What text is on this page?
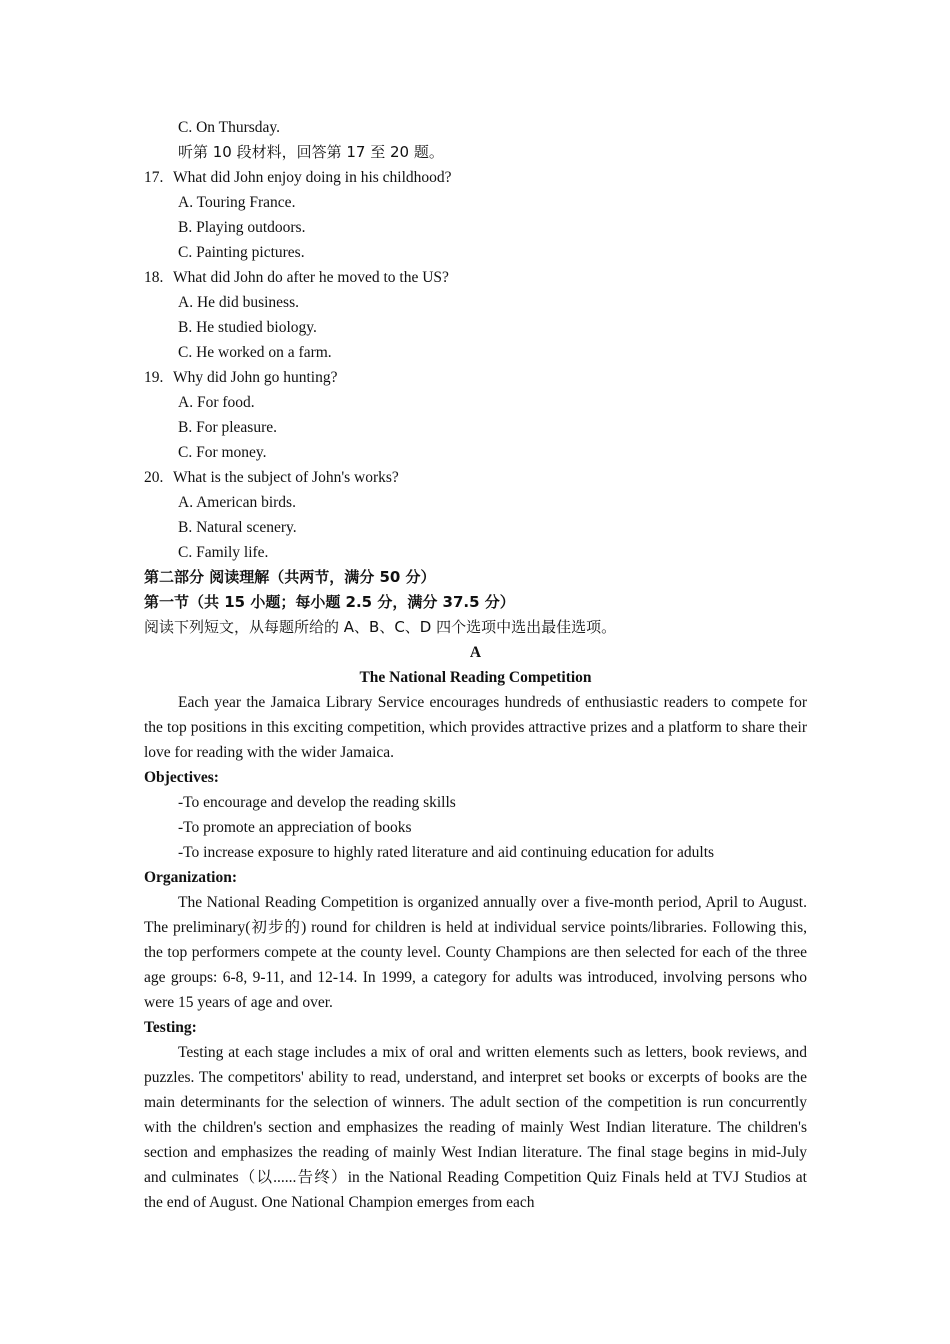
C. On Thursday.
听第 10 段材料，回答第 17 至 20 题。
17. What did John enjoy doing in his childhood?
A. Touring France.
B. Playing outdoors.
C. Painting pictures.
18. What did John do after he moved to the US?
A. He did business.
B. He studied biology.
C. He worked on a farm.
19. Why did John go hunting?
A. For food.
B. For pleasure.
C. For money.
20. What is the subject of John's works?
A. American birds.
B. Natural scenery.
C. Family life.
第二部分 阅读理解（共两节，满分 50 分）
第一节（共 15 小题；每小题 2.5 分，满分 37.5 分）
阅读下列短文，从每题所给的 A、B、C、D 四个选项中选出最佳选项。
A
The National Reading Competition
Each year the Jamaica Library Service encourages hundreds of enthusiastic readers to compete for the top positions in this exciting competition, which provides attractive prizes and a platform to share their love for reading with the wider Jamaica.
Objectives:
-To encourage and develop the reading skills
-To promote an appreciation of books
-To increase exposure to highly rated literature and aid continuing education for adults
Organization:
The National Reading Competition is organized annually over a five-month period, April to August. The preliminary(初步的) round for children is held at individual service points/libraries. Following this, the top performers compete at the county level. County Champions are then selected for each of the three age groups: 6-8, 9-11, and 12-14. In 1999, a category for adults was introduced, involving persons who were 15 years of age and over.
Testing:
Testing at each stage includes a mix of oral and written elements such as letters, book reviews, and puzzles. The competitors' ability to read, understand, and interpret set books or excerpts of books are the main determinants for the selection of winners. The adult section of the competition is run concurrently with the children's section and emphasizes the reading of mainly West Indian literature. The children's section and emphasizes the reading of mainly West Indian literature. The final stage begins in mid-July and culminates（以......告终）in the National Reading Competition Quiz Finals held at TVJ Studios at the end of August. One National Champion emerges from each
